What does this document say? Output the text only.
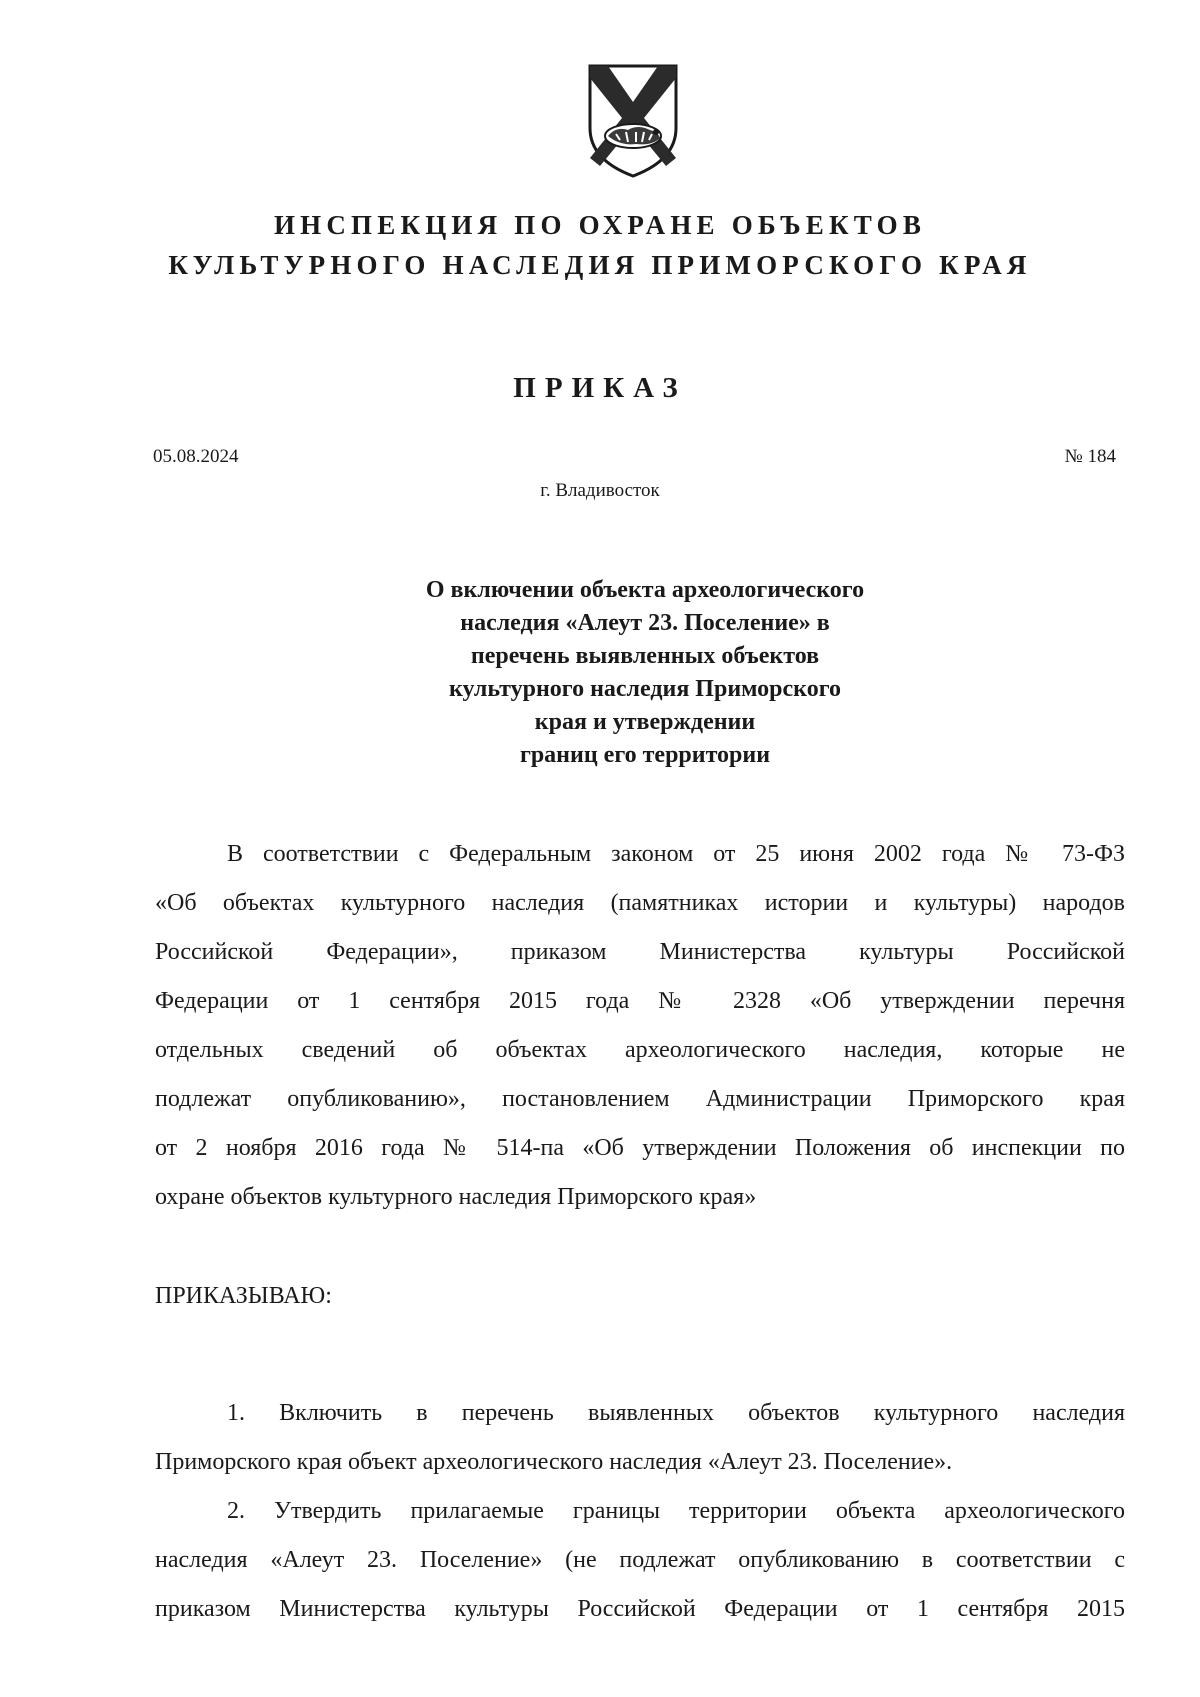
ИНСПЕКЦИЯ ПО ОХРАНЕ ОБЪЕКТОВ
КУЛЬТУРНОГО НАСЛЕДИЯ ПРИМОРСКОГО КРАЯ
ПРИКАЗ
05.08.2024	№ 184
г. Владивосток
О включении объекта археологического
наследия «Алеут 23. Поселение» в
перечень выявленных объектов
культурного наследия Приморского
края и утверждении
границ его территории
В соответствии с Федеральным законом от 25 июня 2002 года № 73-ФЗ
«Об объектах культурного наследия (памятниках истории и культуры) народов
Российской Федерации», приказом Министерства культуры Российской
Федерации от 1 сентября 2015 года № 2328 «Об утверждении перечня
отдельных сведений об объектах археологического наследия, которые не
подлежат опубликованию», постановлением Администрации Приморского края
от 2 ноября 2016 года № 514-па «Об утверждении Положения об инспекции по
охране объектов культурного наследия Приморского края»
ПРИКАЗЫВАЮ:
1. Включить в перечень выявленных объектов культурного наследия
Приморского края объект археологического наследия «Алеут 23. Поселение».
2. Утвердить прилагаемые границы территории объекта археологического
наследия «Алеут 23. Поселение» (не подлежат опубликованию в соответствии с
приказом Министерства культуры Российской Федерации от 1 сентября 2015
